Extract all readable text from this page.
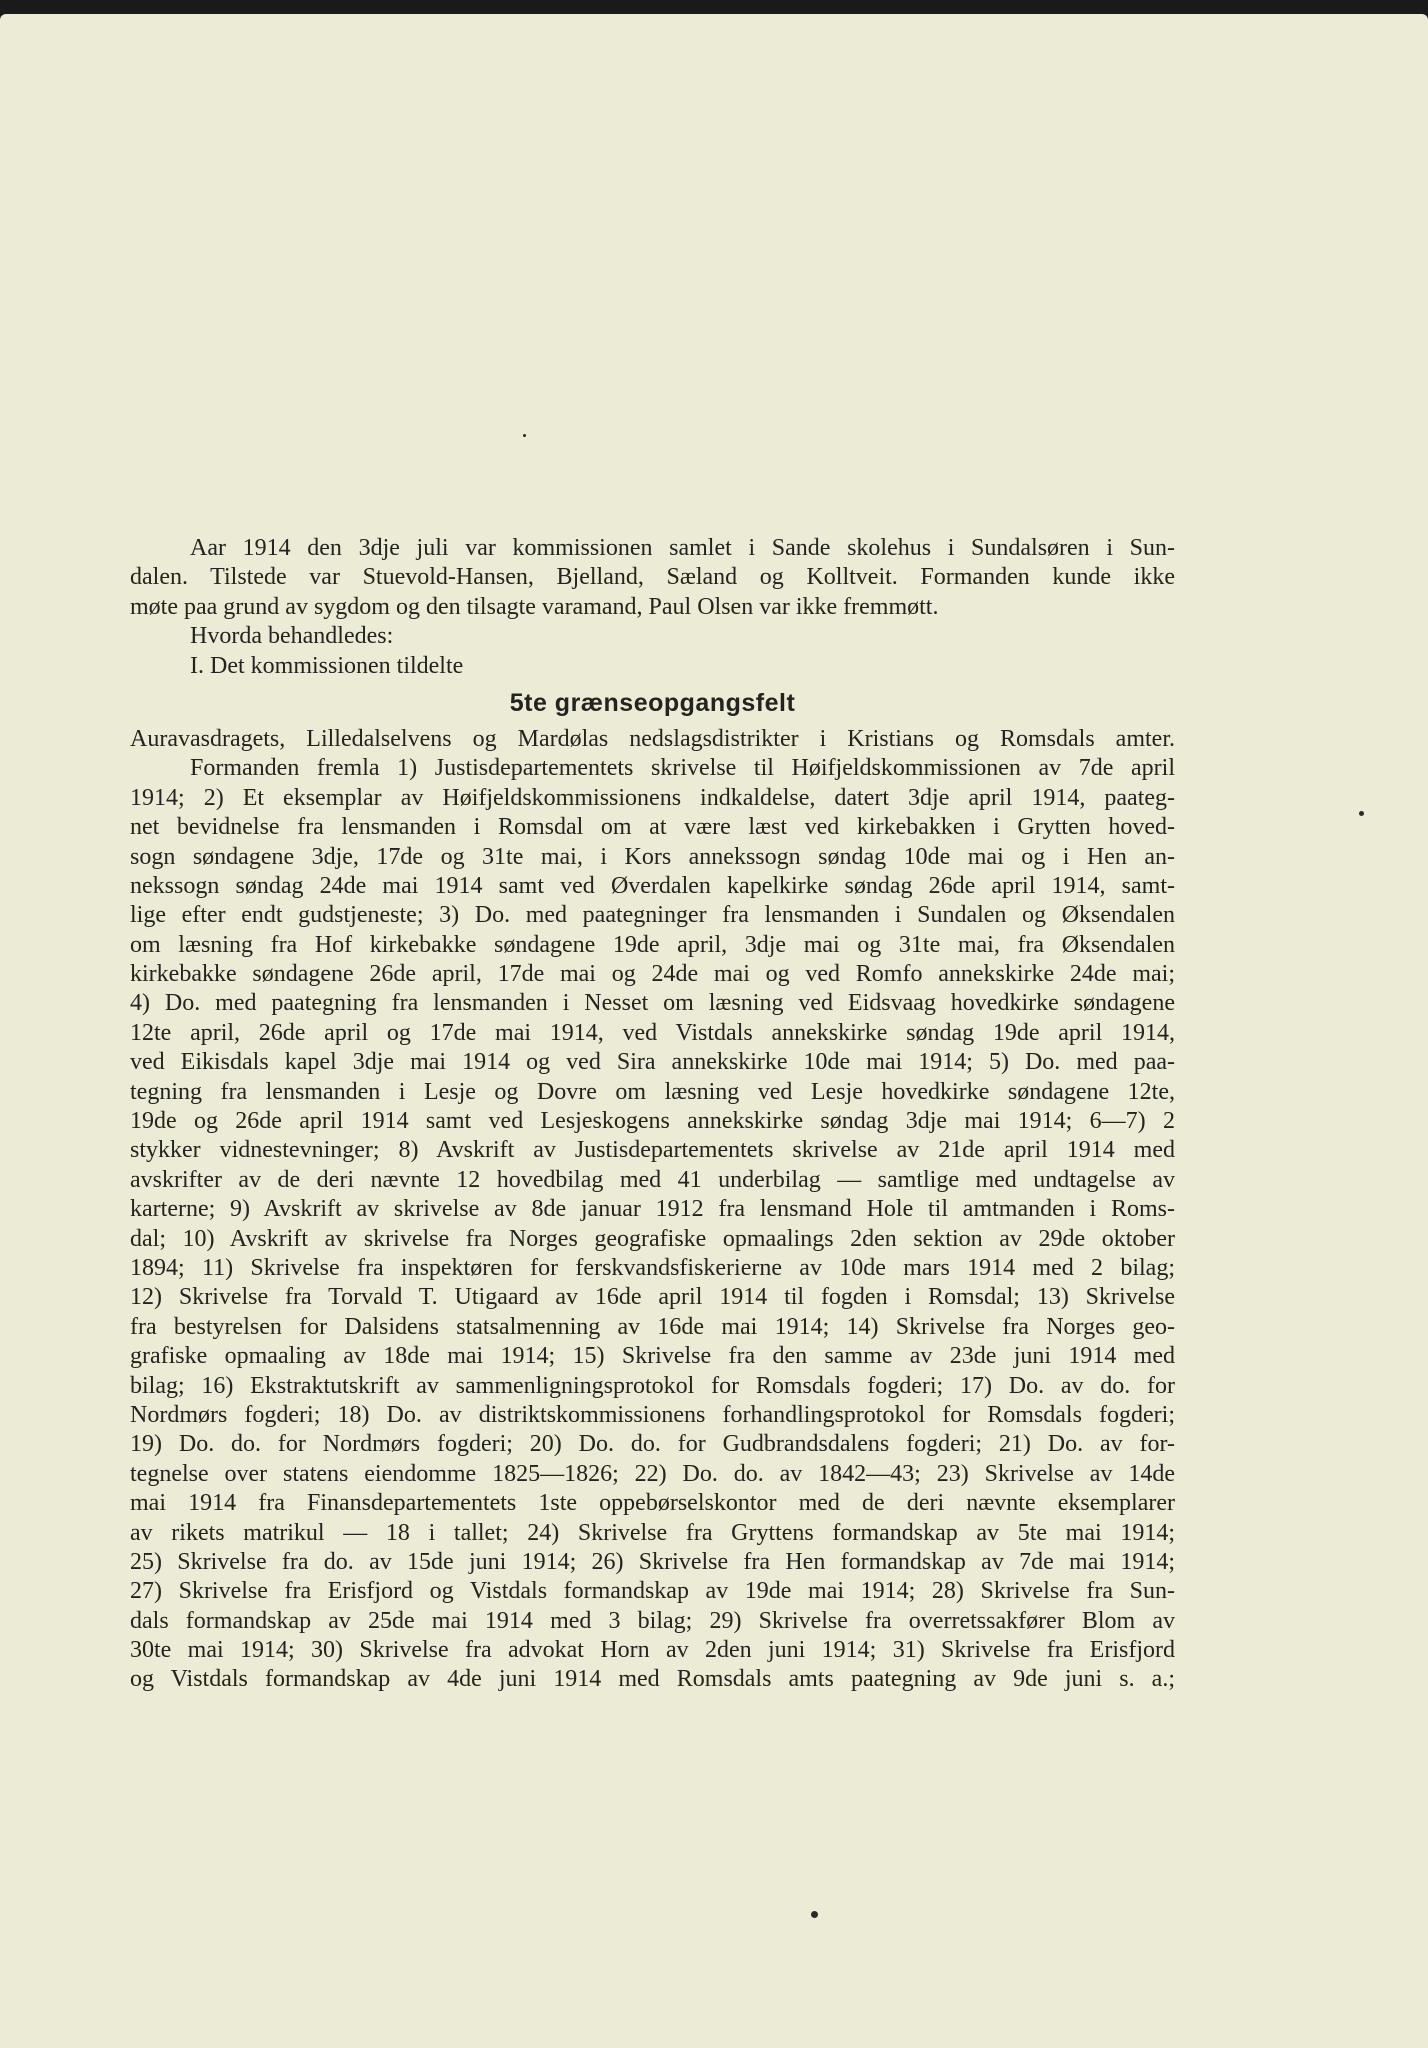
Aar 1914 den 3dje juli var kommissionen samlet i Sande skolehus i Sundalsøren i Sun-
dalen. Tilstede var Stuevold-Hansen, Bjelland, Sæland og Kolltveit. Formanden kunde ikke
møte paa grund av sygdom og den tilsagte varamand, Paul Olsen var ikke fremmøtt.
Hvorda behandledes:
I. Det kommissionen tildelte
5te grænseopgangsfelt
Auravasdragets, Lilledalselvens og Mardølas nedslagsdistrikter i Kristians og Romsdals amter.
Formanden fremla 1) Justisdepartementets skrivelse til Høifjeldskommissionen av 7de april
1914; 2) Et eksemplar av Høifjeldskommissionens indkaldelse, datert 3dje april 1914, paateg-
net bevidnelse fra lensmanden i Romsdal om at være læst ved kirkebakken i Grytten hoved-
sogn søndagene 3dje, 17de og 31te mai, i Kors annekssogn søndag 10de mai og i Hen an-
nekssogn søndag 24de mai 1914 samt ved Øverdalen kapelkirke søndag 26de april 1914, samt-
lige efter endt gudstjeneste; 3) Do. med paategninger fra lensmanden i Sundalen og Øksendalen
om læsning fra Hof kirkebakke søndagene 19de april, 3dje mai og 31te mai, fra Øksendalen
kirkebakke søndagene 26de april, 17de mai og 24de mai og ved Romfo annekskirke 24de mai;
4) Do. med paategning fra lensmanden i Nesset om læsning ved Eidsvaag hovedkirke søndagene
12te april, 26de april og 17de mai 1914, ved Vistdals annekskirke søndag 19de april 1914,
ved Eikisdals kapel 3dje mai 1914 og ved Sira annekskirke 10de mai 1914; 5) Do. med paa-
tegning fra lensmanden i Lesje og Dovre om læsning ved Lesje hovedkirke søndagene 12te,
19de og 26de april 1914 samt ved Lesjeskogens annekskirke søndag 3dje mai 1914; 6—7) 2
stykker vidnestevninger; 8) Avskrift av Justisdepartementets skrivelse av 21de april 1914 med
avskrifter av de deri nævnte 12 hovedbilag med 41 underbilag — samtlige med undtagelse av
karterne; 9) Avskrift av skrivelse av 8de januar 1912 fra lensmand Hole til amtmanden i Roms-
dal; 10) Avskrift av skrivelse fra Norges geografiske opmaalings 2den sektion av 29de oktober
1894; 11) Skrivelse fra inspektøren for ferskvandsfiskerierne av 10de mars 1914 med 2 bilag;
12) Skrivelse fra Torvald T. Utigaard av 16de april 1914 til fogden i Romsdal; 13) Skrivelse
fra bestyrelsen for Dalsidens statsalmenning av 16de mai 1914; 14) Skrivelse fra Norges geo-
grafiske opmaaling av 18de mai 1914; 15) Skrivelse fra den samme av 23de juni 1914 med
bilag; 16) Ekstraktutskrift av sammenligningsprotokol for Romsdals fogderi; 17) Do. av do. for
Nordmørs fogderi; 18) Do. av distriktskommissionens forhandlingsprotokol for Romsdals fogderi;
19) Do. do. for Nordmørs fogderi; 20) Do. do. for Gudbrandsdalens fogderi; 21) Do. av for-
tegnelse over statens eiendomme 1825—1826; 22) Do. do. av 1842—43; 23) Skrivelse av 14de
mai 1914 fra Finansdepartementets 1ste oppebørselskontor med de deri nævnte eksemplarer
av rikets matrikul — 18 i tallet; 24) Skrivelse fra Gryttens formandskap av 5te mai 1914;
25) Skrivelse fra do. av 15de juni 1914; 26) Skrivelse fra Hen formandskap av 7de mai 1914;
27) Skrivelse fra Erisfjord og Vistdals formandskap av 19de mai 1914; 28) Skrivelse fra Sun-
dals formandskap av 25de mai 1914 med 3 bilag; 29) Skrivelse fra overretssakfører Blom av
30te mai 1914; 30) Skrivelse fra advokat Horn av 2den juni 1914; 31) Skrivelse fra Erisfjord
og Vistdals formandskap av 4de juni 1914 med Romsdals amts paategning av 9de juni s. a.;
